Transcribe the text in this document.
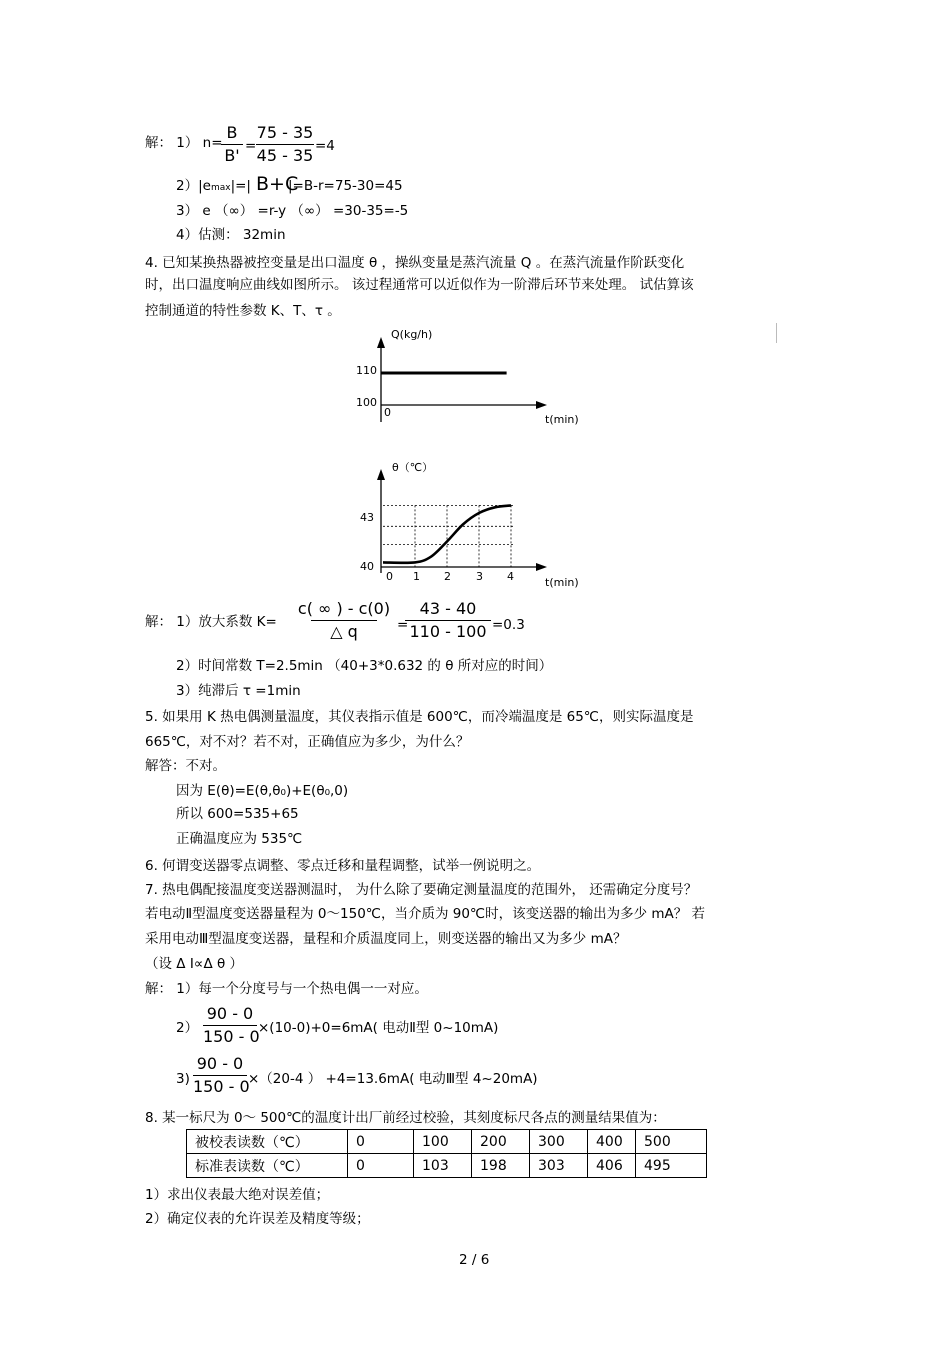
解： 1） n=
B
B' =
75 - 35
45 - 35 =4
2）|emax|=| B+C
|=B-r=75-30=45
3） e （∞） =r-y （∞） =30-35=-5
4）估测： 32min
4. 已知某换热器被控变量是出口温度 θ ，操纵变量是蒸汽流量 Q 。在蒸汽流量作阶跃变化
时，出口温度响应曲线如图所示。 该过程通常可以近似作为一阶滞后环节来处理。 试估算该
控制通道的特性参数 K、T、τ 。
Q(kg/h)
t(min)
110
100
0
θ（℃）
t(min)
43
40
0 1 2 3 4
解： 1）放大系数 K=
c( ∞ ) - c(0)
△ q	=
43 - 40
110 - 100 =0.3
2）时间常数 T=2.5min （40+3*0.632 的 θ 所对应的时间）
3）纯滞后 τ =1min
5. 如果用 K 热电偶测量温度，其仪表指示值是 600℃，而冷端温度是 65℃，则实际温度是
665℃，对不对？若不对，正确值应为多少，为什么？
解答：不对。
因为 E(θ)=E(θ,θ₀)+E(θ₀,0)
所以 600=535+65
正确温度应为 535℃
6. 何谓变送器零点调整、零点迁移和量程调整，试举一例说明之。
7. 热电偶配接温度变送器测温时， 为什么除了要确定测量温度的范围外， 还需确定分度号？
若电动Ⅱ型温度变送器量程为 0～150℃，当介质为 90℃时，该变送器的输出为多少 mA？ 若
采用电动Ⅲ型温度变送器，量程和介质温度同上，则变送器的输出又为多少 mA？
（设 Δ I∝Δ θ ）
解： 1）每一个分度号与一个热电偶一一对应。
2）
90 - 0
150 - 0
×(10-0)+0=6mA( 电动Ⅱ型 0~10mA)
3)
90 - 0
150 - 0
×（20-4 ） +4=13.6mA( 电动Ⅲ型 4~20mA)
8. 某一标尺为 0～ 500℃的温度计出厂前经过校验，其刻度标尺各点的测量结果值为：
被校表读数（℃）	0	100	200	300	400	500
标准表读数（℃）	0	103	198	303	406	495
1）求出仪表最大绝对误差值；
2）确定仪表的允许误差及精度等级；
2 / 6
